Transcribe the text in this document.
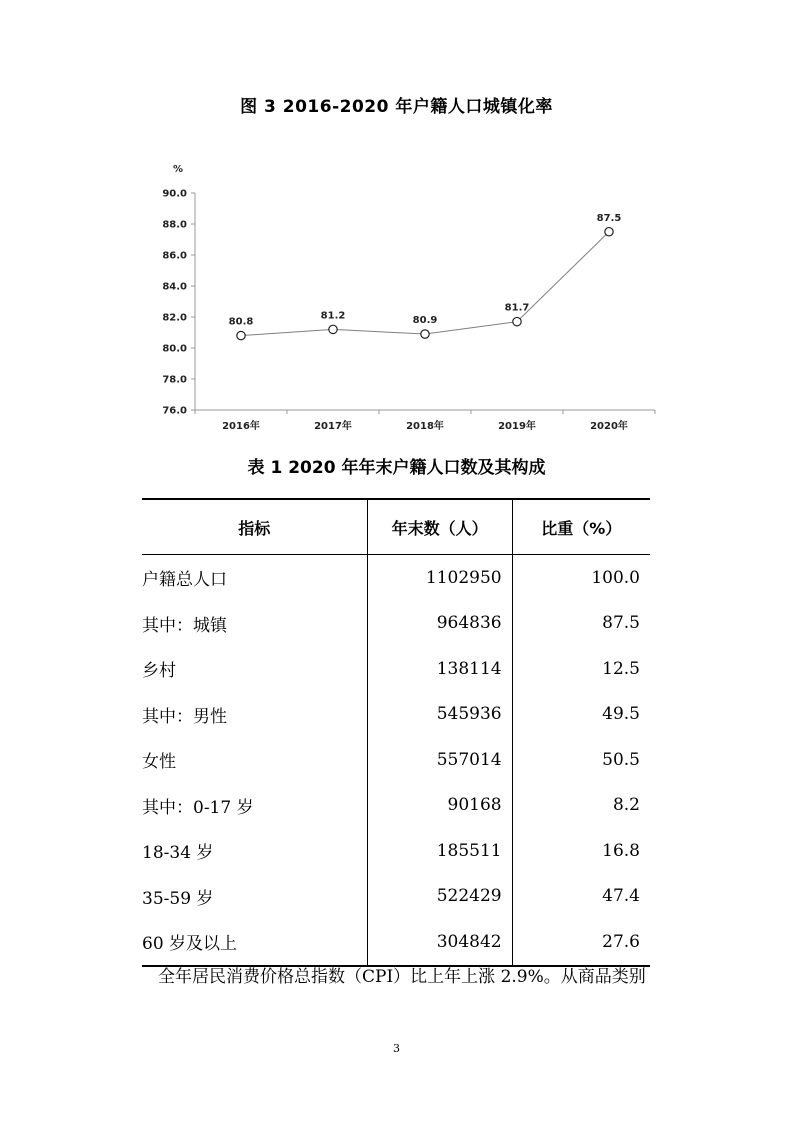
图 3 2016-2020 年户籍人口城镇化率
76.0
78.0
80.0
82.0
84.0
86.0
88.0
90.0
%
2016年	2017年	2018年	2019年	2020年
80.8
81.2	80.9
81.7
87.5
表 1 2020 年年末户籍人口数及其构成
指标	年末数（人）	比重（%）
户籍总人口	1102950	100.0
其中：城镇	964836	87.5
乡村	138114	12.5
其中：男性	545936	49.5
女性	557014	50.5
其中：0-17 岁	90168	8.2
18-34 岁	185511	16.8
35-59 岁	522429	47.4
60 岁及以上	304842	27.6
全年居民消费价格总指数（CPI）比上年上涨 2.9%。从商品类别
3
